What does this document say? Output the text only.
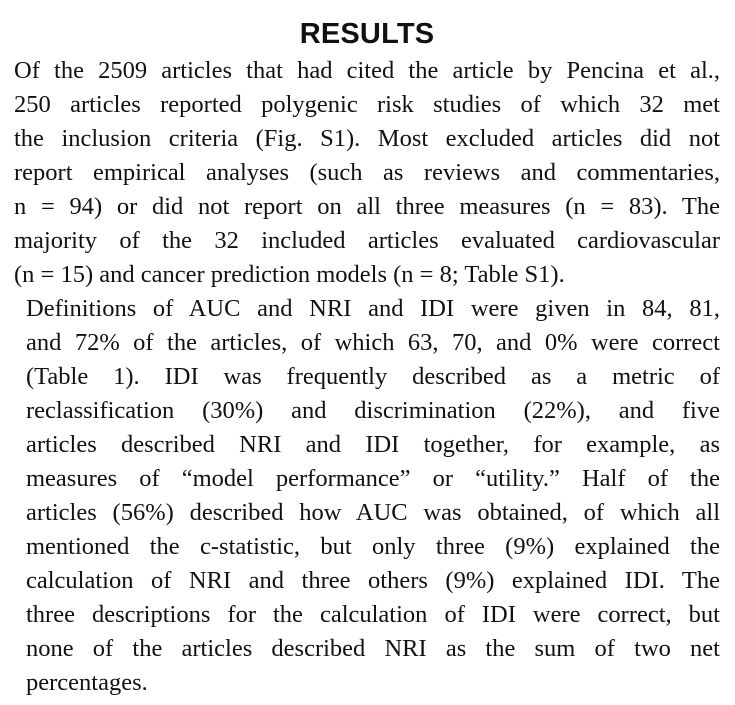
RESULTS

Of the 2509 articles that had cited the article by Pencina et al.,
250 articles reported polygenic risk studies of which 32 met
the inclusion criteria (Fig. S1). Most excluded articles did not
report empirical analyses (such as reviews and commentaries,
n = 94) or did not report on all three measures (n = 83). The
majority of the 32 included articles evaluated cardiovascular
(n = 15) and cancer prediction models (n = 8; Table S1).

Definitions of AUC and NRI and IDI were given in 84, 81,
and 72% of the articles, of which 63, 70, and 0% were correct
(Table 1). IDI was frequently described as a metric of
reclassification (30%) and discrimination (22%), and five
articles described NRI and IDI together, for example, as
measures of “model performance” or “utility.” Half of the
articles (56%) described how AUC was obtained, of which all
mentioned the c-statistic, but only three (9%) explained the
calculation of NRI and three others (9%) explained IDI. The
three descriptions for the calculation of IDI were correct, but
none of the articles described NRI as the sum of two net
percentages.
